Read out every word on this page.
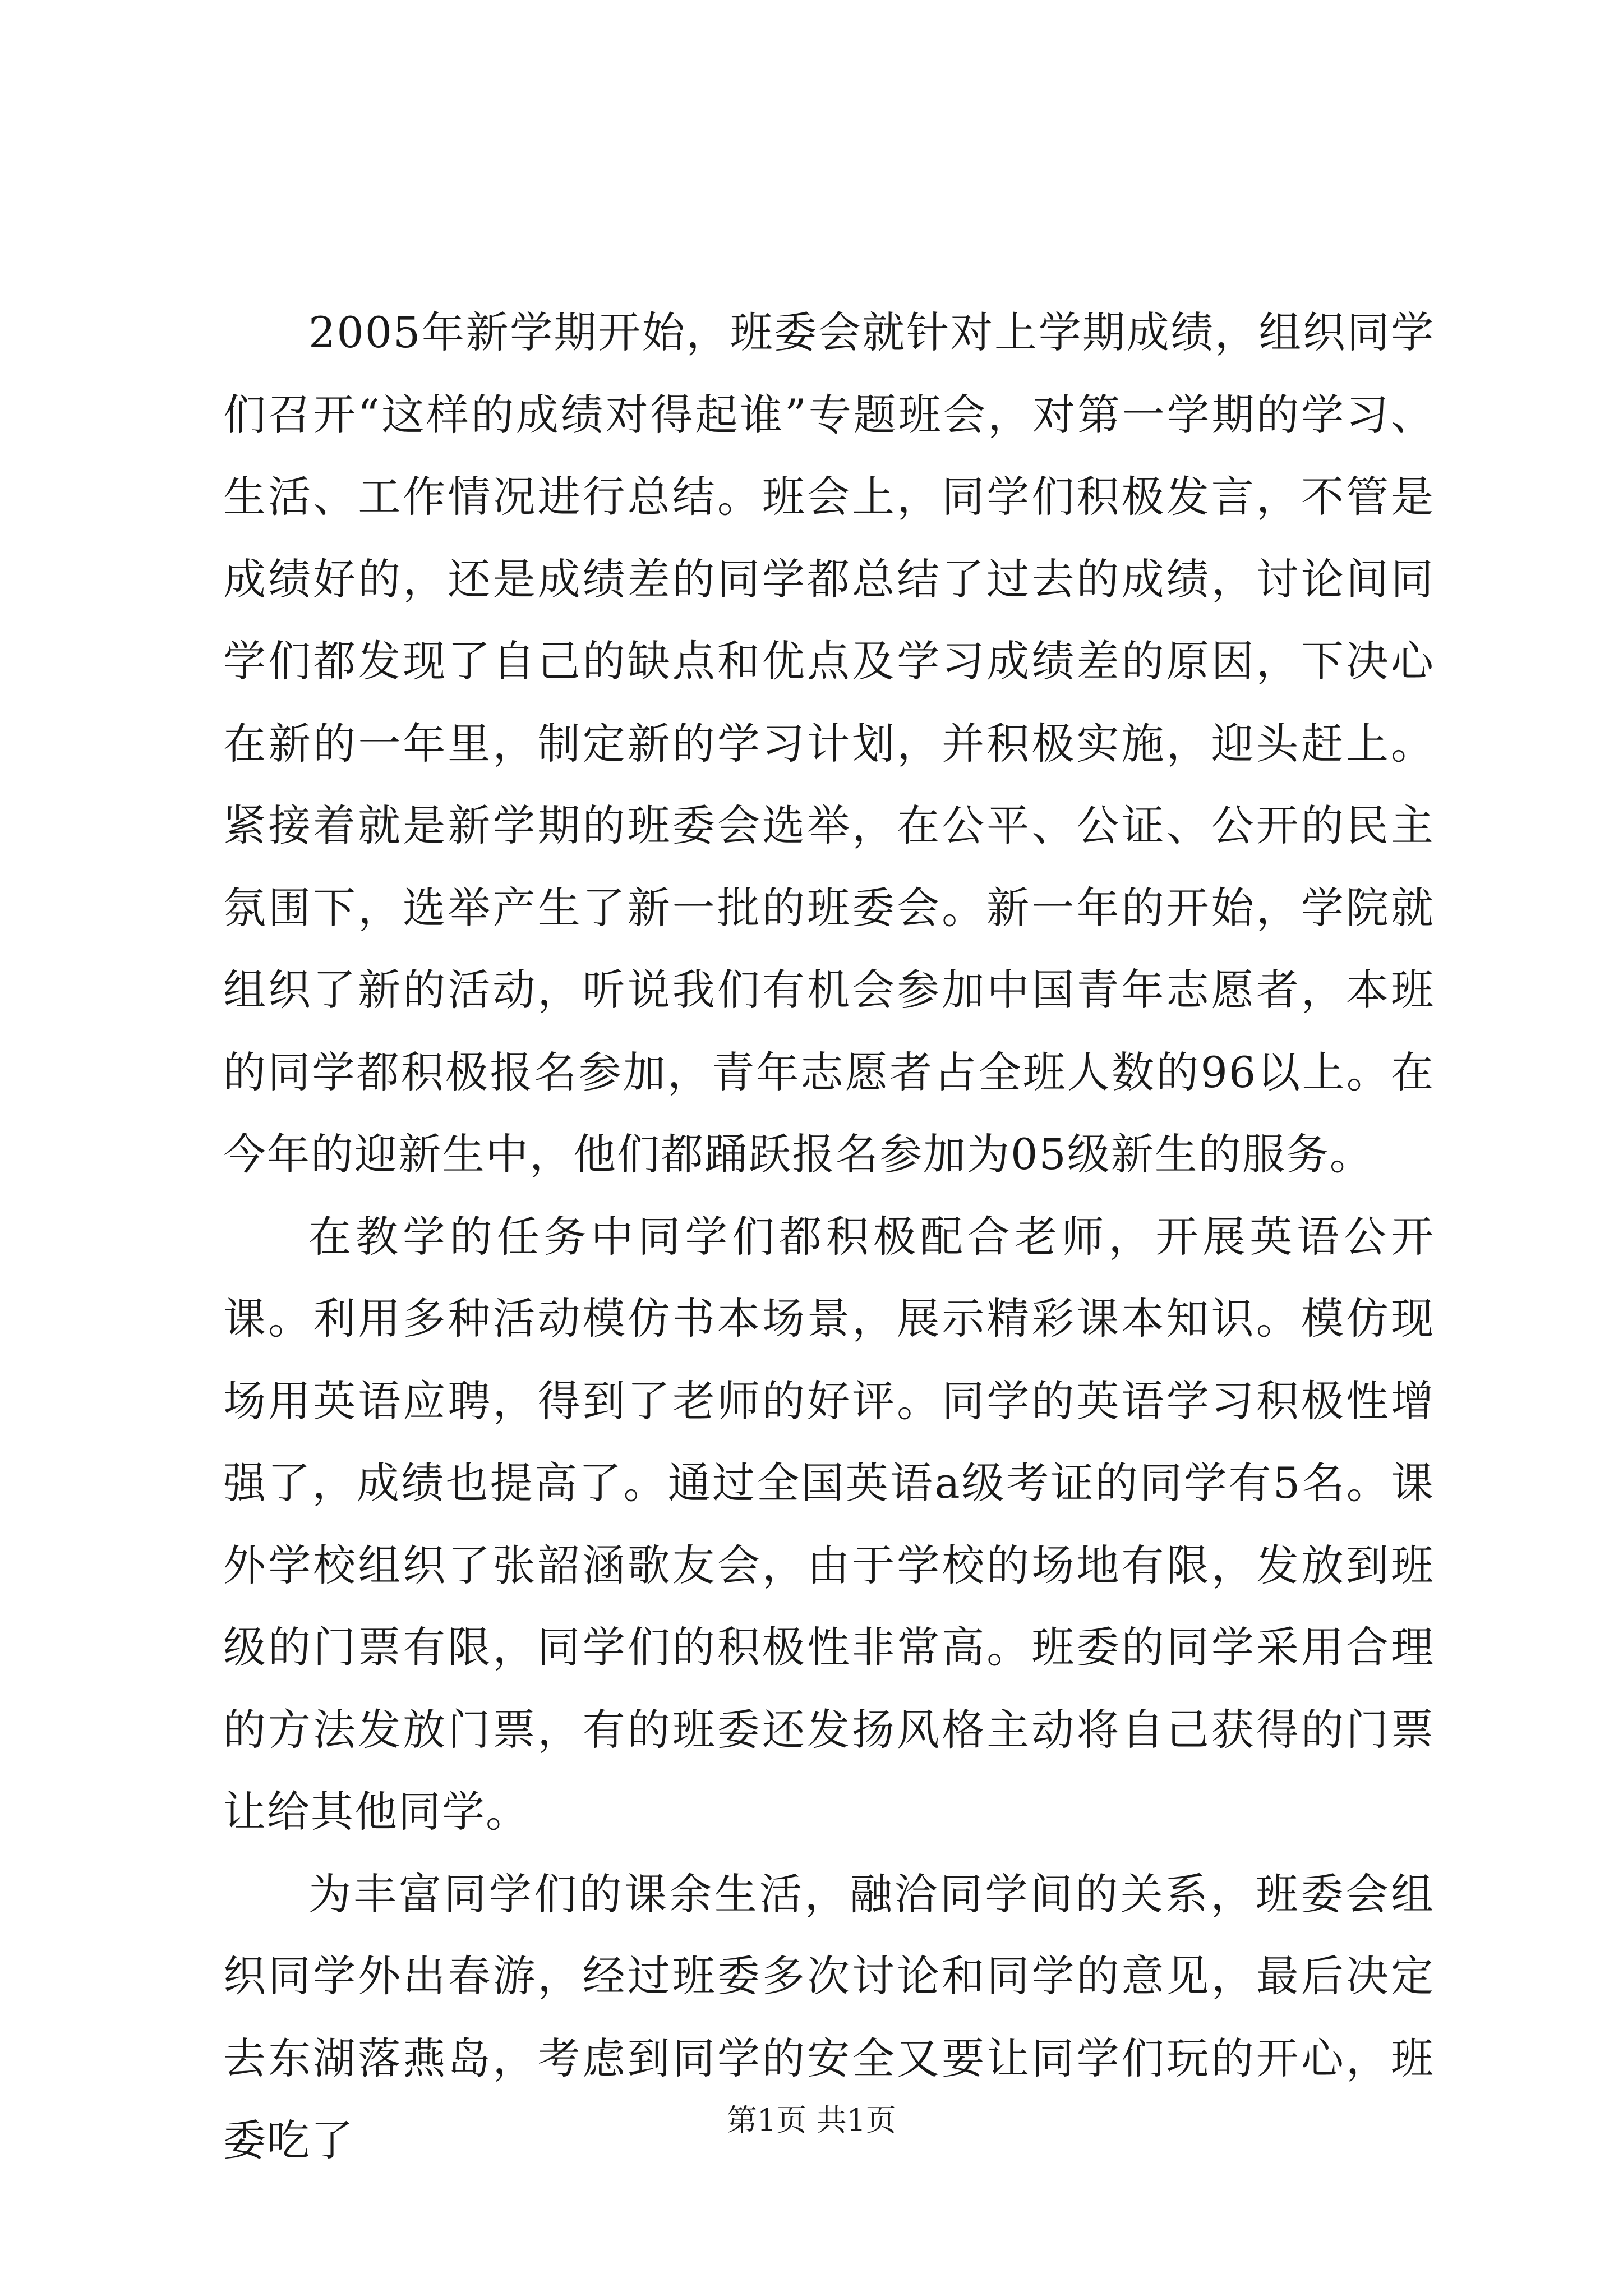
2005年新学期开始，班委会就针对上学期成绩，组织同学们召开“这样的成绩对得起谁”专题班会，对第一学期的学习、生活、工作情况进行总结。班会上，同学们积极发言，不管是成绩好的，还是成绩差的同学都总结了过去的成绩，讨论间同学们都发现了自己的缺点和优点及学习成绩差的原因，下决心在新的一年里，制定新的学习计划，并积极实施，迎头赶上。紧接着就是新学期的班委会选举，在公平、公证、公开的民主氛围下，选举产生了新一批的班委会。新一年的开始，学院就组织了新的活动，听说我们有机会参加中国青年志愿者，本班的同学都积极报名参加，青年志愿者占全班人数的96以上。在今年的迎新生中，他们都踊跃报名参加为05级新生的服务。

在教学的任务中同学们都积极配合老师，开展英语公开课。利用多种活动模仿书本场景，展示精彩课本知识。模仿现场用英语应聘，得到了老师的好评。同学的英语学习积极性增强了，成绩也提高了。通过全国英语a级考证的同学有5名。课外学校组织了张韶涵歌友会，由于学校的场地有限，发放到班级的门票有限，同学们的积极性非常高。班委的同学采用合理的方法发放门票，有的班委还发扬风格主动将自己获得的门票让给其他同学。

为丰富同学们的课余生活，融洽同学间的关系，班委会组织同学外出春游，经过班委多次讨论和同学的意见，最后决定去东湖落燕岛，考虑到同学的安全又要让同学们玩的开心，班委吃了	第1页 共1页
